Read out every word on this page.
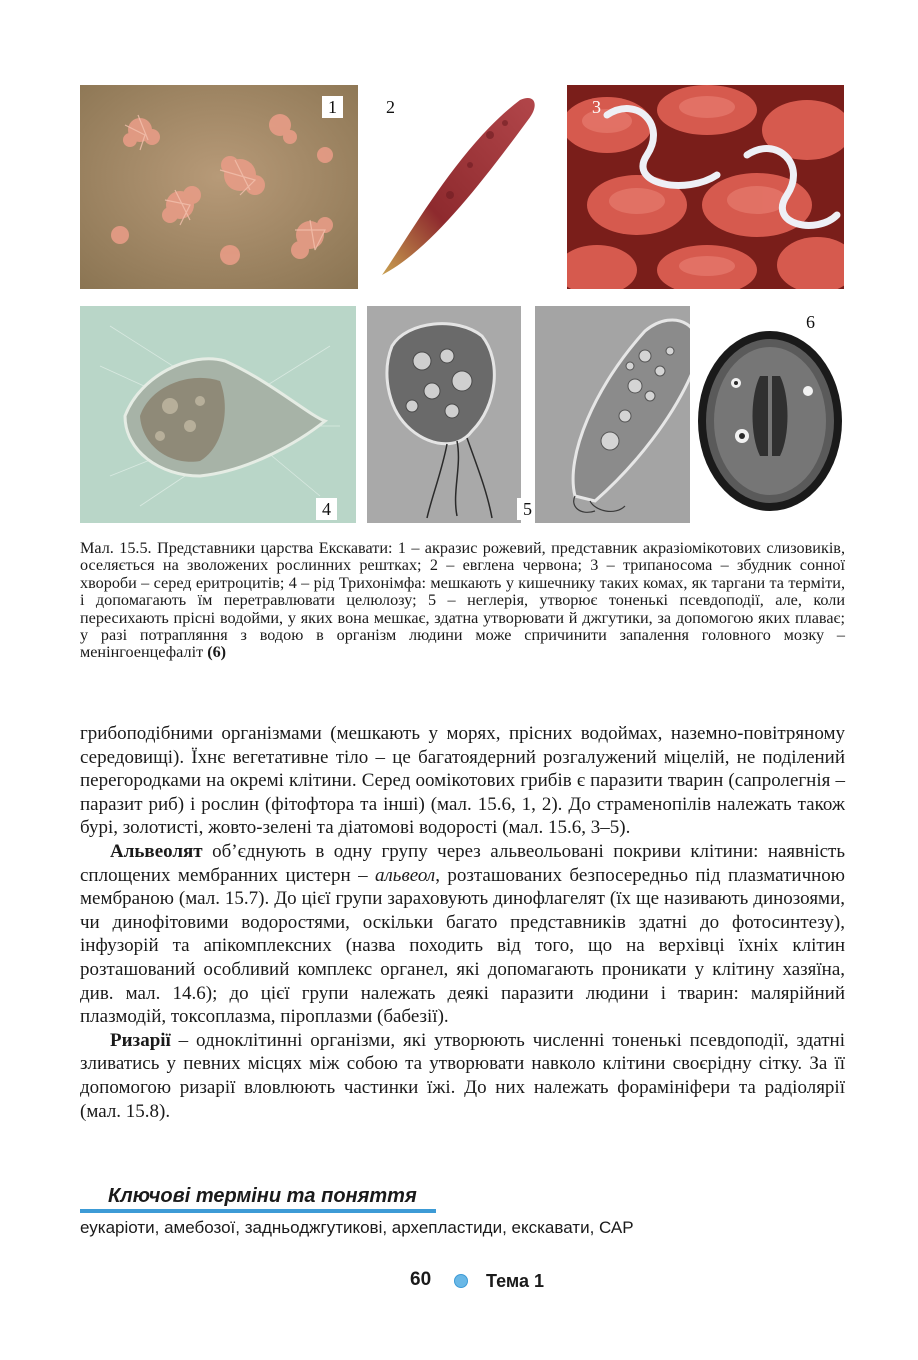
1	2	3
4	5
6

Мал. 15.5. Представники царства Екскавати: 1 – акразис рожевий, представник акразіомікотових слизовиків, оселяється на зволожених рослинних рештках; 2 – евглена червона; 3 – трипаносома – збудник сонної хвороби – серед еритроцитів; 4 – рід Трихонімфа: мешкають у кишечнику таких комах, як таргани та терміти, і допомагають їм перетравлювати целюлозу; 5 – неглерія, утворює тоненькі псевдоподії, але, коли пересихають прісні водойми, у яких вона мешкає, здатна утворювати й джгутики, за допомогою яких плаває; у разі потрапляння з водою в організм людини може спричинити запалення головного мозку – менінгоенцефаліт (6)

грибоподібними організмами (мешкають у морях, прісних водоймах, наземно-повітряному середовищі). Їхнє вегетативне тіло – це багатоядерний розгалужений міцелій, не поділений перегородками на окремі клітини. Серед оомікотових грибів є паразити тварин (сапролегнія – паразит риб) і рослин (фітофтора та інші) (мал. 15.6, 1, 2). До страменопілів належать також бурі, золотисті, жовто-зелені та діатомові водорості (мал. 15.6, 3–5).

Альвеолят об’єднують в одну групу через альвеольовані покриви клітини: наявність сплощених мембранних цистерн – альвеол, розташованих безпосередньо під плазматичною мембраною (мал. 15.7). До цієї групи зараховують динофлагелят (їх ще називають динозоями, чи динофітовими водоростями, оскільки багато представників здатні до фотосинтезу), інфузорій та апікомплексних (назва походить від того, що на верхівці їхніх клітин розташований особливий комплекс органел, які допомагають проникати у клітину хазяїна, див. мал. 14.6); до цієї групи належать деякі паразити людини і тварин: малярійний плазмодій, токсоплазма, піроплазми (бабезії).

Ризарії – одноклітинні організми, які утворюють численні тоненькі псевдоподії, здатні зливатись у певних місцях між собою та утворювати навколо клітини своєрідну сітку. За її допомогою ризарії вловлюють частинки їжі. До них належать форамініфери та радіолярії (мал. 15.8).

Ключові терміни та поняття
еукаріоти, амебозої, задньоджгутикові, архепластиди, екскавати, САР
60	Тема 1
